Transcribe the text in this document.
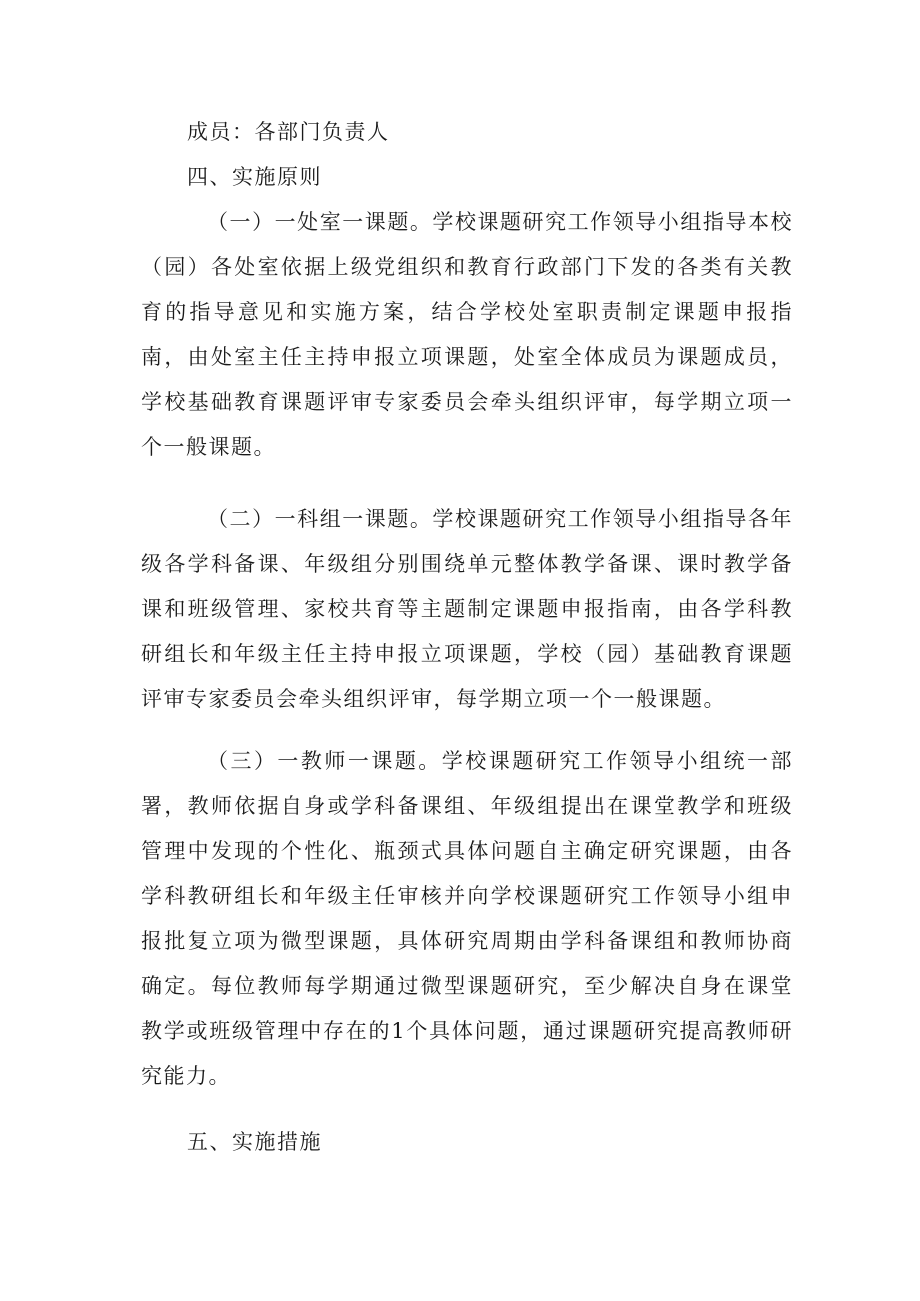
成员：各部门负责人

四、实施原则

（一）一处室一课题。学校课题研究工作领导小组指导本校（园）各处室依据上级党组织和教育行政部门下发的各类有关教育的指导意见和实施方案，结合学校处室职责制定课题申报指南，由处室主任主持申报立项课题，处室全体成员为课题成员，学校基础教育课题评审专家委员会牵头组织评审，每学期立项一个一般课题。

（二）一科组一课题。学校课题研究工作领导小组指导各年级各学科备课、年级组分别围绕单元整体教学备课、课时教学备课和班级管理、家校共育等主题制定课题申报指南，由各学科教研组长和年级主任主持申报立项课题，学校（园）基础教育课题评审专家委员会牵头组织评审，每学期立项一个一般课题。

（三）一教师一课题。学校课题研究工作领导小组统一部署，教师依据自身或学科备课组、年级组提出在课堂教学和班级管理中发现的个性化、瓶颈式具体问题自主确定研究课题，由各学科教研组长和年级主任审核并向学校课题研究工作领导小组申报批复立项为微型课题，具体研究周期由学科备课组和教师协商确定。每位教师每学期通过微型课题研究，至少解决自身在课堂教学或班级管理中存在的1个具体问题，通过课题研究提高教师研究能力。

五、实施措施
